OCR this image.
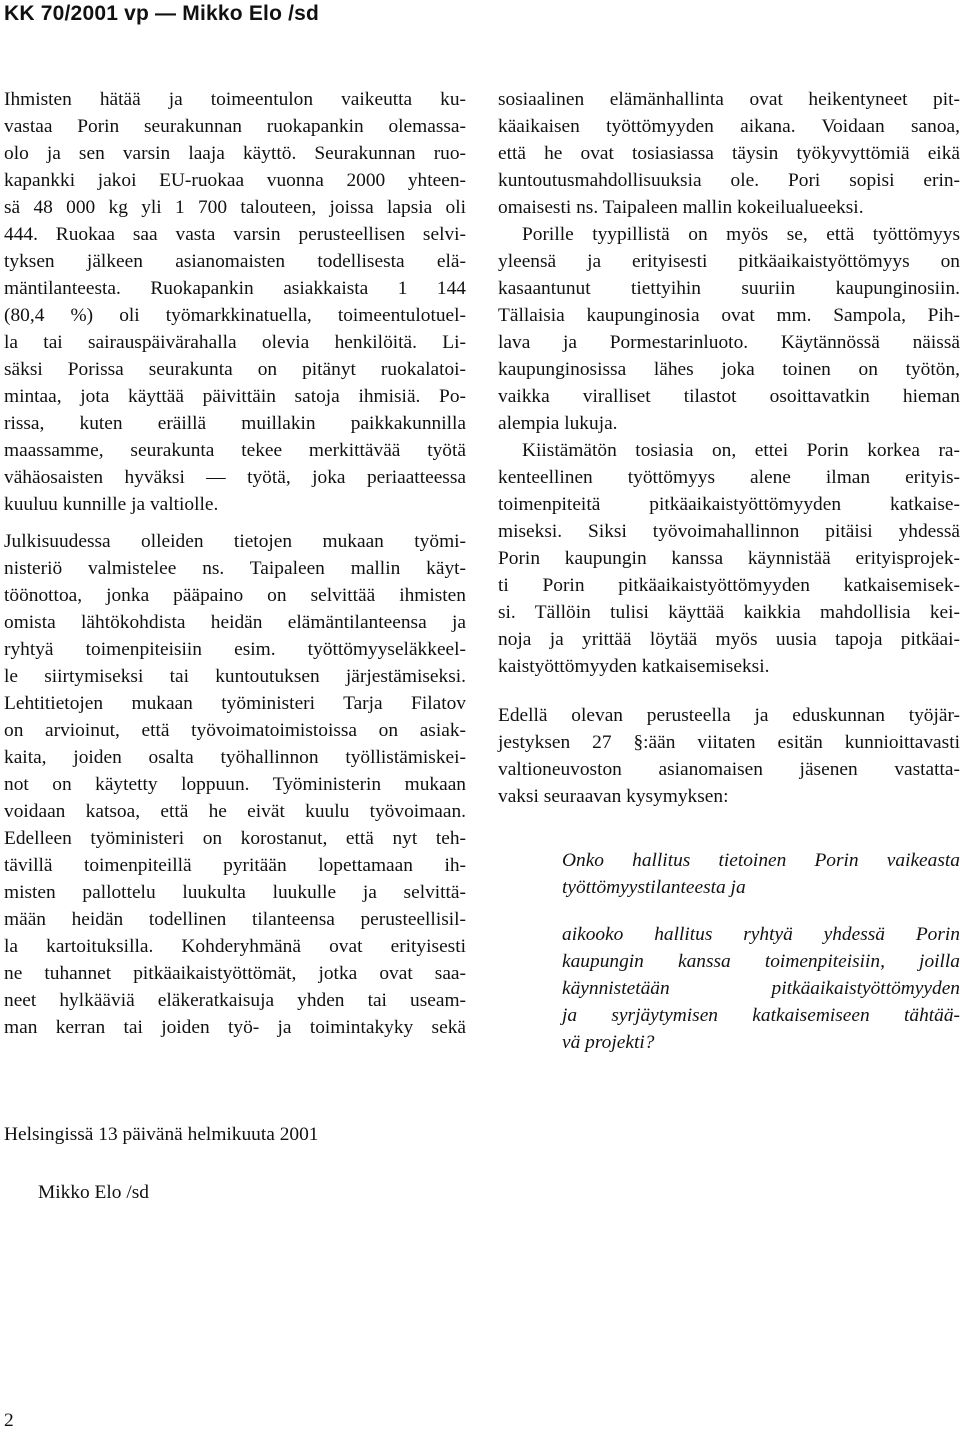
KK 70/2001 vp — Mikko Elo /sd

Ihmisten hätää ja toimeentulon vaikeutta ku-
vastaa Porin seurakunnan ruokapankin olemassa-
olo ja sen varsin laaja käyttö. Seurakunnan ruo-
kapankki jakoi EU-ruokaa vuonna 2000 yhteen-
sä 48 000 kg yli 1 700 talouteen, joissa lapsia oli
444. Ruokaa saa vasta varsin perusteellisen selvi-
tyksen jälkeen asianomaisten todellisesta elä-
mäntilanteesta. Ruokapankin asiakkaista 1 144
(80,4 %) oli työmarkkinatuella, toimeentulotuel-
la tai sairauspäivärahalla olevia henkilöitä. Li-
säksi Porissa seurakunta on pitänyt ruokalatoi-
mintaa, jota käyttää päivittäin satoja ihmisiä. Po-
rissa, kuten eräillä muillakin paikkakunnilla
maassamme, seurakunta tekee merkittävää työtä
vähäosaisten hyväksi — työtä, joka periaatteessa
kuuluu kunnille ja valtiolle.

Julkisuudessa olleiden tietojen mukaan työmi-
nisteriö valmistelee ns. Taipaleen mallin käyt-
töönottoa, jonka pääpaino on selvittää ihmisten
omista lähtökohdista heidän elämäntilanteensa ja
ryhtyä toimenpiteisiin esim. työttömyyseläkkeel-
le siirtymiseksi tai kuntoutuksen järjestämiseksi.
Lehtitietojen mukaan työministeri Tarja Filatov
on arvioinut, että työvoimatoimistoissa on asiak-
kaita, joiden osalta työhallinnon työllistämiskei-
not on käytetty loppuun. Työministerin mukaan
voidaan katsoa, että he eivät kuulu työvoimaan.
Edelleen työministeri on korostanut, että nyt teh-
tävillä toimenpiteillä pyritään lopettamaan ih-
misten pallottelu luukulta luukulle ja selvittä-
mään heidän todellinen tilanteensa perusteellisil-
la kartoituksilla. Kohderyhmänä ovat erityisesti
ne tuhannet pitkäaikaistyöttömät, jotka ovat saa-
neet hylkääviä eläkeratkaisuja yhden tai useam-
man kerran tai joiden työ- ja toimintakyky sekä

sosiaalinen elämänhallinta ovat heikentyneet pit-
käaikaisen työttömyyden aikana. Voidaan sanoa,
että he ovat tosiasiassa täysin työkyvyttömiä eikä
kuntoutusmahdollisuuksia ole. Pori sopisi erin-
omaisesti ns. Taipaleen mallin kokeilualueeksi.

Porille tyypillistä on myös se, että työttömyys
yleensä ja erityisesti pitkäaikaistyöttömyys on
kasaantunut tiettyihin suuriin kaupunginosiin.
Tällaisia kaupunginosia ovat mm. Sampola, Pih-
lava ja Pormestarinluoto. Käytännössä näissä
kaupunginosissa lähes joka toinen on työtön,
vaikka viralliset tilastot osoittavatkin hieman
alempia lukuja.

Kiistämätön tosiasia on, ettei Porin korkea ra-
kenteellinen työttömyys alene ilman erityis-
toimenpiteitä pitkäaikaistyöttömyyden katkaise-
miseksi. Siksi työvoimahallinnon pitäisi yhdessä
Porin kaupungin kanssa käynnistää erityisprojek-
ti Porin pitkäaikaistyöttömyyden katkaisemisek-
si. Tällöin tulisi käyttää kaikkia mahdollisia kei-
noja ja yrittää löytää myös uusia tapoja pitkäai-
kaistyöttömyyden katkaisemiseksi.

Edellä olevan perusteella ja eduskunnan työjär-
jestyksen 27 §:ään viitaten esitän kunnioittavasti
valtioneuvoston asianomaisen jäsenen vastatta-
vaksi seuraavan kysymyksen:

Onko hallitus tietoinen Porin vaikeasta
työttömyystilanteesta ja
aikooko hallitus ryhtyä yhdessä Porin
kaupungin kanssa toimenpiteisiin, joilla
käynnistetään pitkäaikaistyöttömyyden
ja syrjäytymisen katkaisemiseen tähtää-
vä projekti?
Helsingissä 13 päivänä helmikuuta 2001
Mikko Elo /sd
2
